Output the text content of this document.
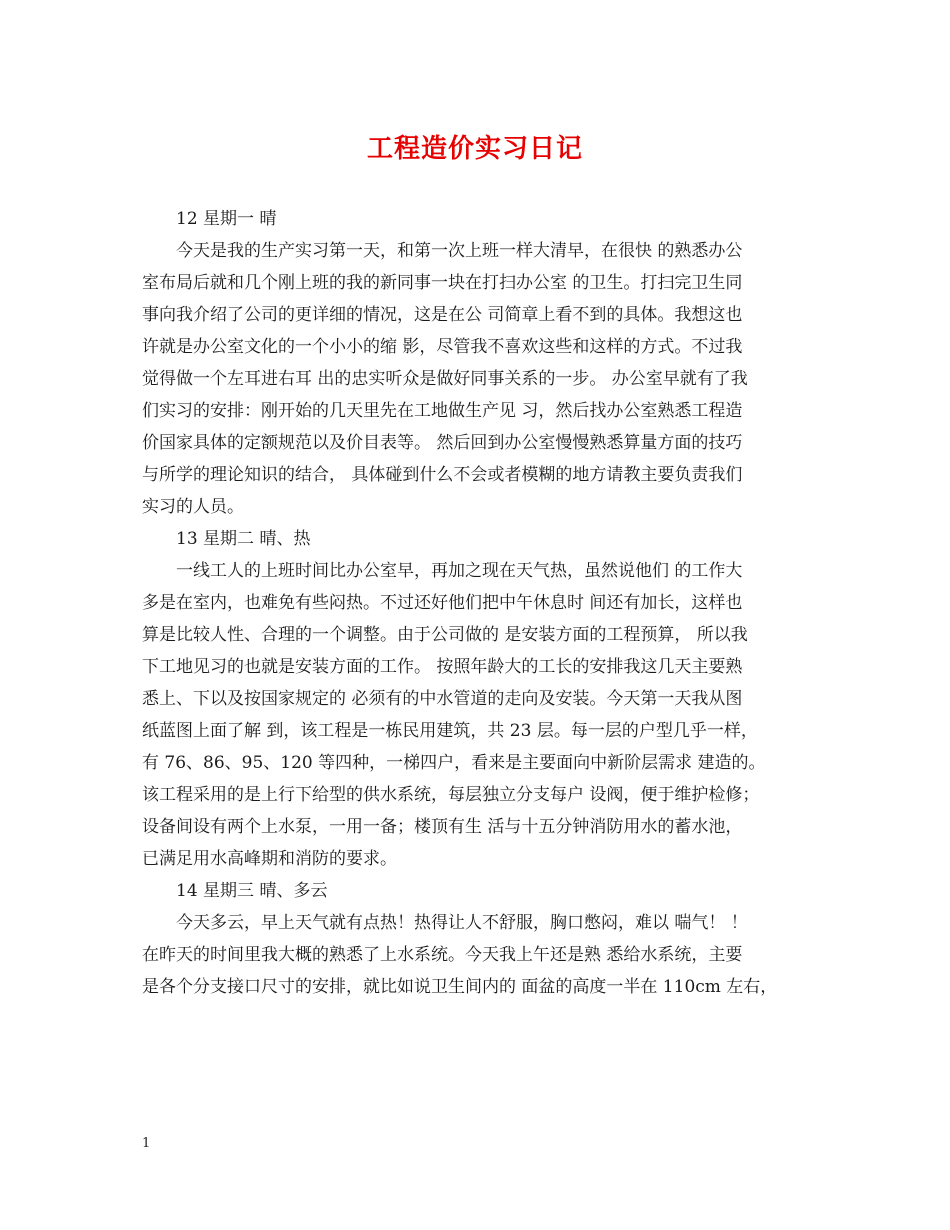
工程造价实习日记
12 星期一 晴
今天是我的生产实习第一天，和第一次上班一样大清早，在很快 的熟悉办公
室布局后就和几个刚上班的我的新同事一块在打扫办公室 的卫生。打扫完卫生同
事向我介绍了公司的更详细的情况，这是在公 司简章上看不到的具体。我想这也
许就是办公室文化的一个小小的缩 影，尽管我不喜欢这些和这样的方式。不过我
觉得做一个左耳进右耳 出的忠实听众是做好同事关系的一步。 办公室早就有了我
们实习的安排：刚开始的几天里先在工地做生产见 习，然后找办公室熟悉工程造
价国家具体的定额规范以及价目表等。 然后回到办公室慢慢熟悉算量方面的技巧
与所学的理论知识的结合， 具体碰到什么不会或者模糊的地方请教主要负责我们
实习的人员。
13 星期二 晴、热
一线工人的上班时间比办公室早，再加之现在天气热，虽然说他们 的工作大
多是在室内，也难免有些闷热。不过还好他们把中午休息时 间还有加长，这样也
算是比较人性、合理的一个调整。由于公司做的 是安装方面的工程预算， 所以我
下工地见习的也就是安装方面的工作。 按照年龄大的工长的安排我这几天主要熟
悉上、下以及按国家规定的 必须有的中水管道的走向及安装。今天第一天我从图
纸蓝图上面了解 到，该工程是一栋民用建筑，共 23 层。每一层的户型几乎一样，
有 76、86、95、120 等四种，一梯四户，看来是主要面向中新阶层需求 建造的。
该工程采用的是上行下给型的供水系统，每层独立分支每户 设阀，便于维护检修；
设备间设有两个上水泵，一用一备；楼顶有生 活与十五分钟消防用水的蓄水池，
已满足用水高峰期和消防的要求。
14 星期三 晴、多云
今天多云，早上天气就有点热！热得让人不舒服，胸口憋闷，难以 喘气！ ！
在昨天的时间里我大概的熟悉了上水系统。今天我上午还是熟 悉给水系统，主要
是各个分支接口尺寸的安排，就比如说卫生间内的 面盆的高度一半在 110cm 左右，
1
